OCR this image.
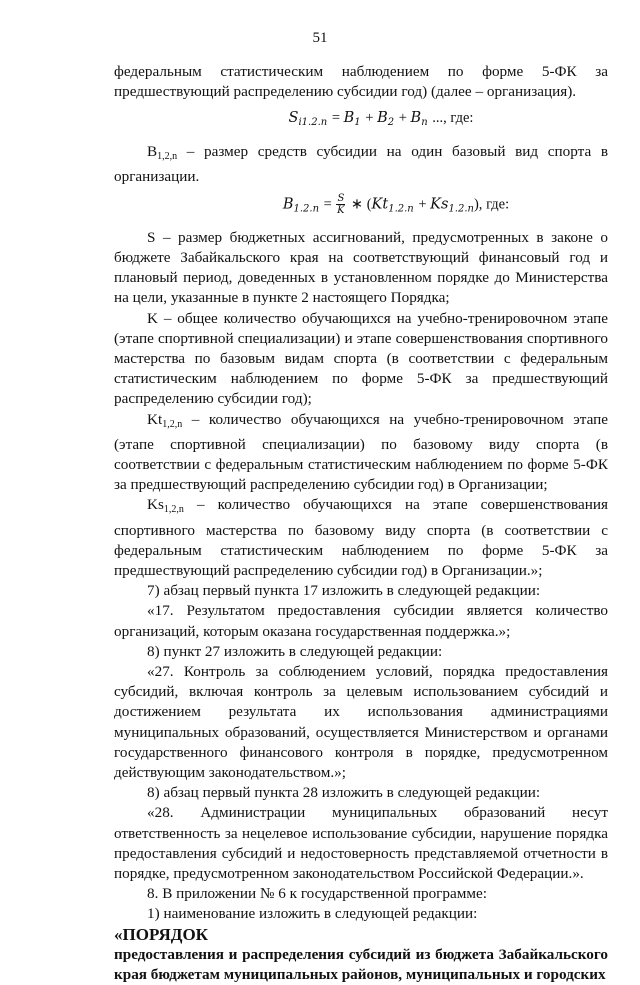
51

федеральным статистическим наблюдением по форме 5-ФК за предшествующий распределению субсидии год) (далее – организация).

$S_{i1.2.n} = B_1 + B_2 + B_n$ ..., где:

$B_{1,2,n}$ – размер средств субсидии на один базовый вид спорта в организации.

$B_{1.2.n} = \frac{S}{K}$ ∗ $(Kt_{1.2.n} + Ks_{1.2.n})$, где:

S – размер бюджетных ассигнований, предусмотренных в законе о бюджете Забайкальского края на соответствующий финансовый год и плановый период, доведенных в установленном порядке до Министерства на цели, указанные в пункте 2 настоящего Порядка;

K – общее количество обучающихся на учебно-тренировочном этапе (этапе спортивной специализации) и этапе совершенствования спортивного мастерства по базовым видам спорта (в соответствии с федеральным статистическим наблюдением по форме 5-ФК за предшествующий распределению субсидии год);

$Kt_{1,2,n}$ – количество обучающихся на учебно-тренировочном этапе (этапе спортивной специализации) по базовому виду спорта (в соответствии с федеральным статистическим наблюдением по форме 5-ФК за предшествующий распределению субсидии год) в Организации;

$Ks_{1,2,n}$ – количество обучающихся на этапе совершенствования спортивного мастерства по базовому виду спорта (в соответствии с федеральным статистическим наблюдением по форме 5-ФК за предшествующий распределению субсидии год) в Организации.»;

7) абзац первый пункта 17 изложить в следующей редакции:

«17. Результатом предоставления субсидии является количество организаций, которым оказана государственная поддержка.»;

8) пункт 27 изложить в следующей редакции:

«27. Контроль за соблюдением условий, порядка предоставления субсидий, включая контроль за целевым использованием субсидий и достижением результата их использования администрациями муниципальных образований, осуществляется Министерством и органами государственного финансового контроля в порядке, предусмотренном действующим законодательством.»;

8) абзац первый пункта 28 изложить в следующей редакции:

«28. Администрации муниципальных образований несут ответственность за нецелевое использование субсидии, нарушение порядка предоставления субсидий и недостоверность представляемой отчетности в порядке, предусмотренном законодательством Российской Федерации.».

8. В приложении № 6 к государственной программе:

1) наименование изложить в следующей редакции:

«ПОРЯДОК

предоставления и распределения субсидий из бюджета Забайкальского края бюджетам муниципальных районов, муниципальных и городских
